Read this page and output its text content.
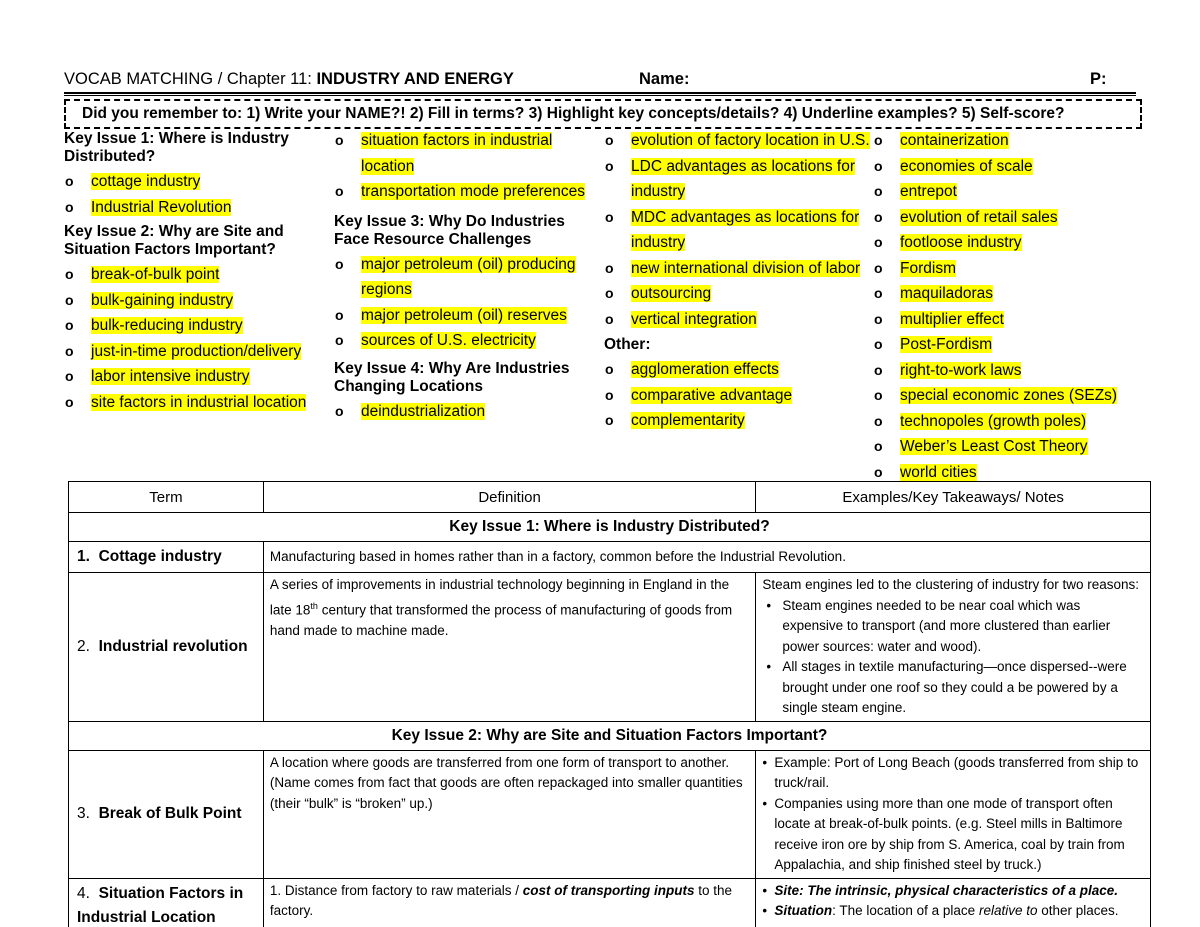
VOCAB MATCHING / Chapter 11: INDUSTRY AND ENERGY	Name:	P:
Did you remember to: 1) Write your NAME?! 2) Fill in terms? 3) Highlight key concepts/details? 4) Underline examples? 5) Self-score?
Key Issue 1: Where is Industry Distributed?
o cottage industry
o Industrial Revolution
Key Issue 2: Why are Site and Situation Factors Important?
o break-of-bulk point
o bulk-gaining industry
o bulk-reducing industry
o just-in-time production/delivery
o labor intensive industry
o site factors in industrial location
o situation factors in industrial location
o transportation mode preferences
Key Issue 3: Why Do Industries Face Resource Challenges
o major petroleum (oil) producing regions
o major petroleum (oil) reserves
o sources of U.S. electricity
Key Issue 4: Why Are Industries Changing Locations
o deindustrialization
o evolution of factory location in U.S.
o LDC advantages as locations for industry
o MDC advantages as locations for industry
o new international division of labor
o outsourcing
o vertical integration
Other:
o agglomeration effects
o comparative advantage
o complementarity
o containerization
o economies of scale
o entrepot
o evolution of retail sales
o footloose industry
o Fordism
o maquiladoras
o multiplier effect
o Post-Fordism
o right-to-work laws
o special economic zones (SEZs)
o technopoles (growth poles)
o Weber’s Least Cost Theory
o world cities
Term	Definition	Examples/Key Takeaways/ Notes
Key Issue 1: Where is Industry Distributed?		
1. Cottage industry	Manufacturing based in homes rather than in a factory, common before the Industrial Revolution.	
2. Industrial revolution	A series of improvements in industrial technology beginning in England in the late 18th century that transformed the process of manufacturing of goods from hand made to machine made.	Steam engines led to the clustering of industry for two reasons:
• Steam engines needed to be near coal which was expensive to transport (and more clustered than earlier power sources: water and wood).
• All stages in textile manufacturing—once dispersed--were brought under one roof so they could a be powered by a single steam engine.

Key Issue 2: Why are Site and Situation Factors Important?		
3. Break of Bulk Point	A location where goods are transferred from one form of transport to another. (Name comes from fact that goods are often repackaged into smaller quantities (their “bulk” is “broken” up.)	• Example: Port of Long Beach (goods transferred from ship to truck/rail.
• Companies using more than one mode of transport often locate at break-of-bulk points. (e.g. Steel mills in Baltimore receive iron ore by ship from S. America, coal by train from Appalachia, and ship finished steel by truck.)

4. Situation Factors in Industrial Location	1. Distance from factory to raw materials / cost of transporting inputs to the factory.	• Site: The intrinsic, physical characteristics of a place.
• Situation: The location of a place relative to other places.
